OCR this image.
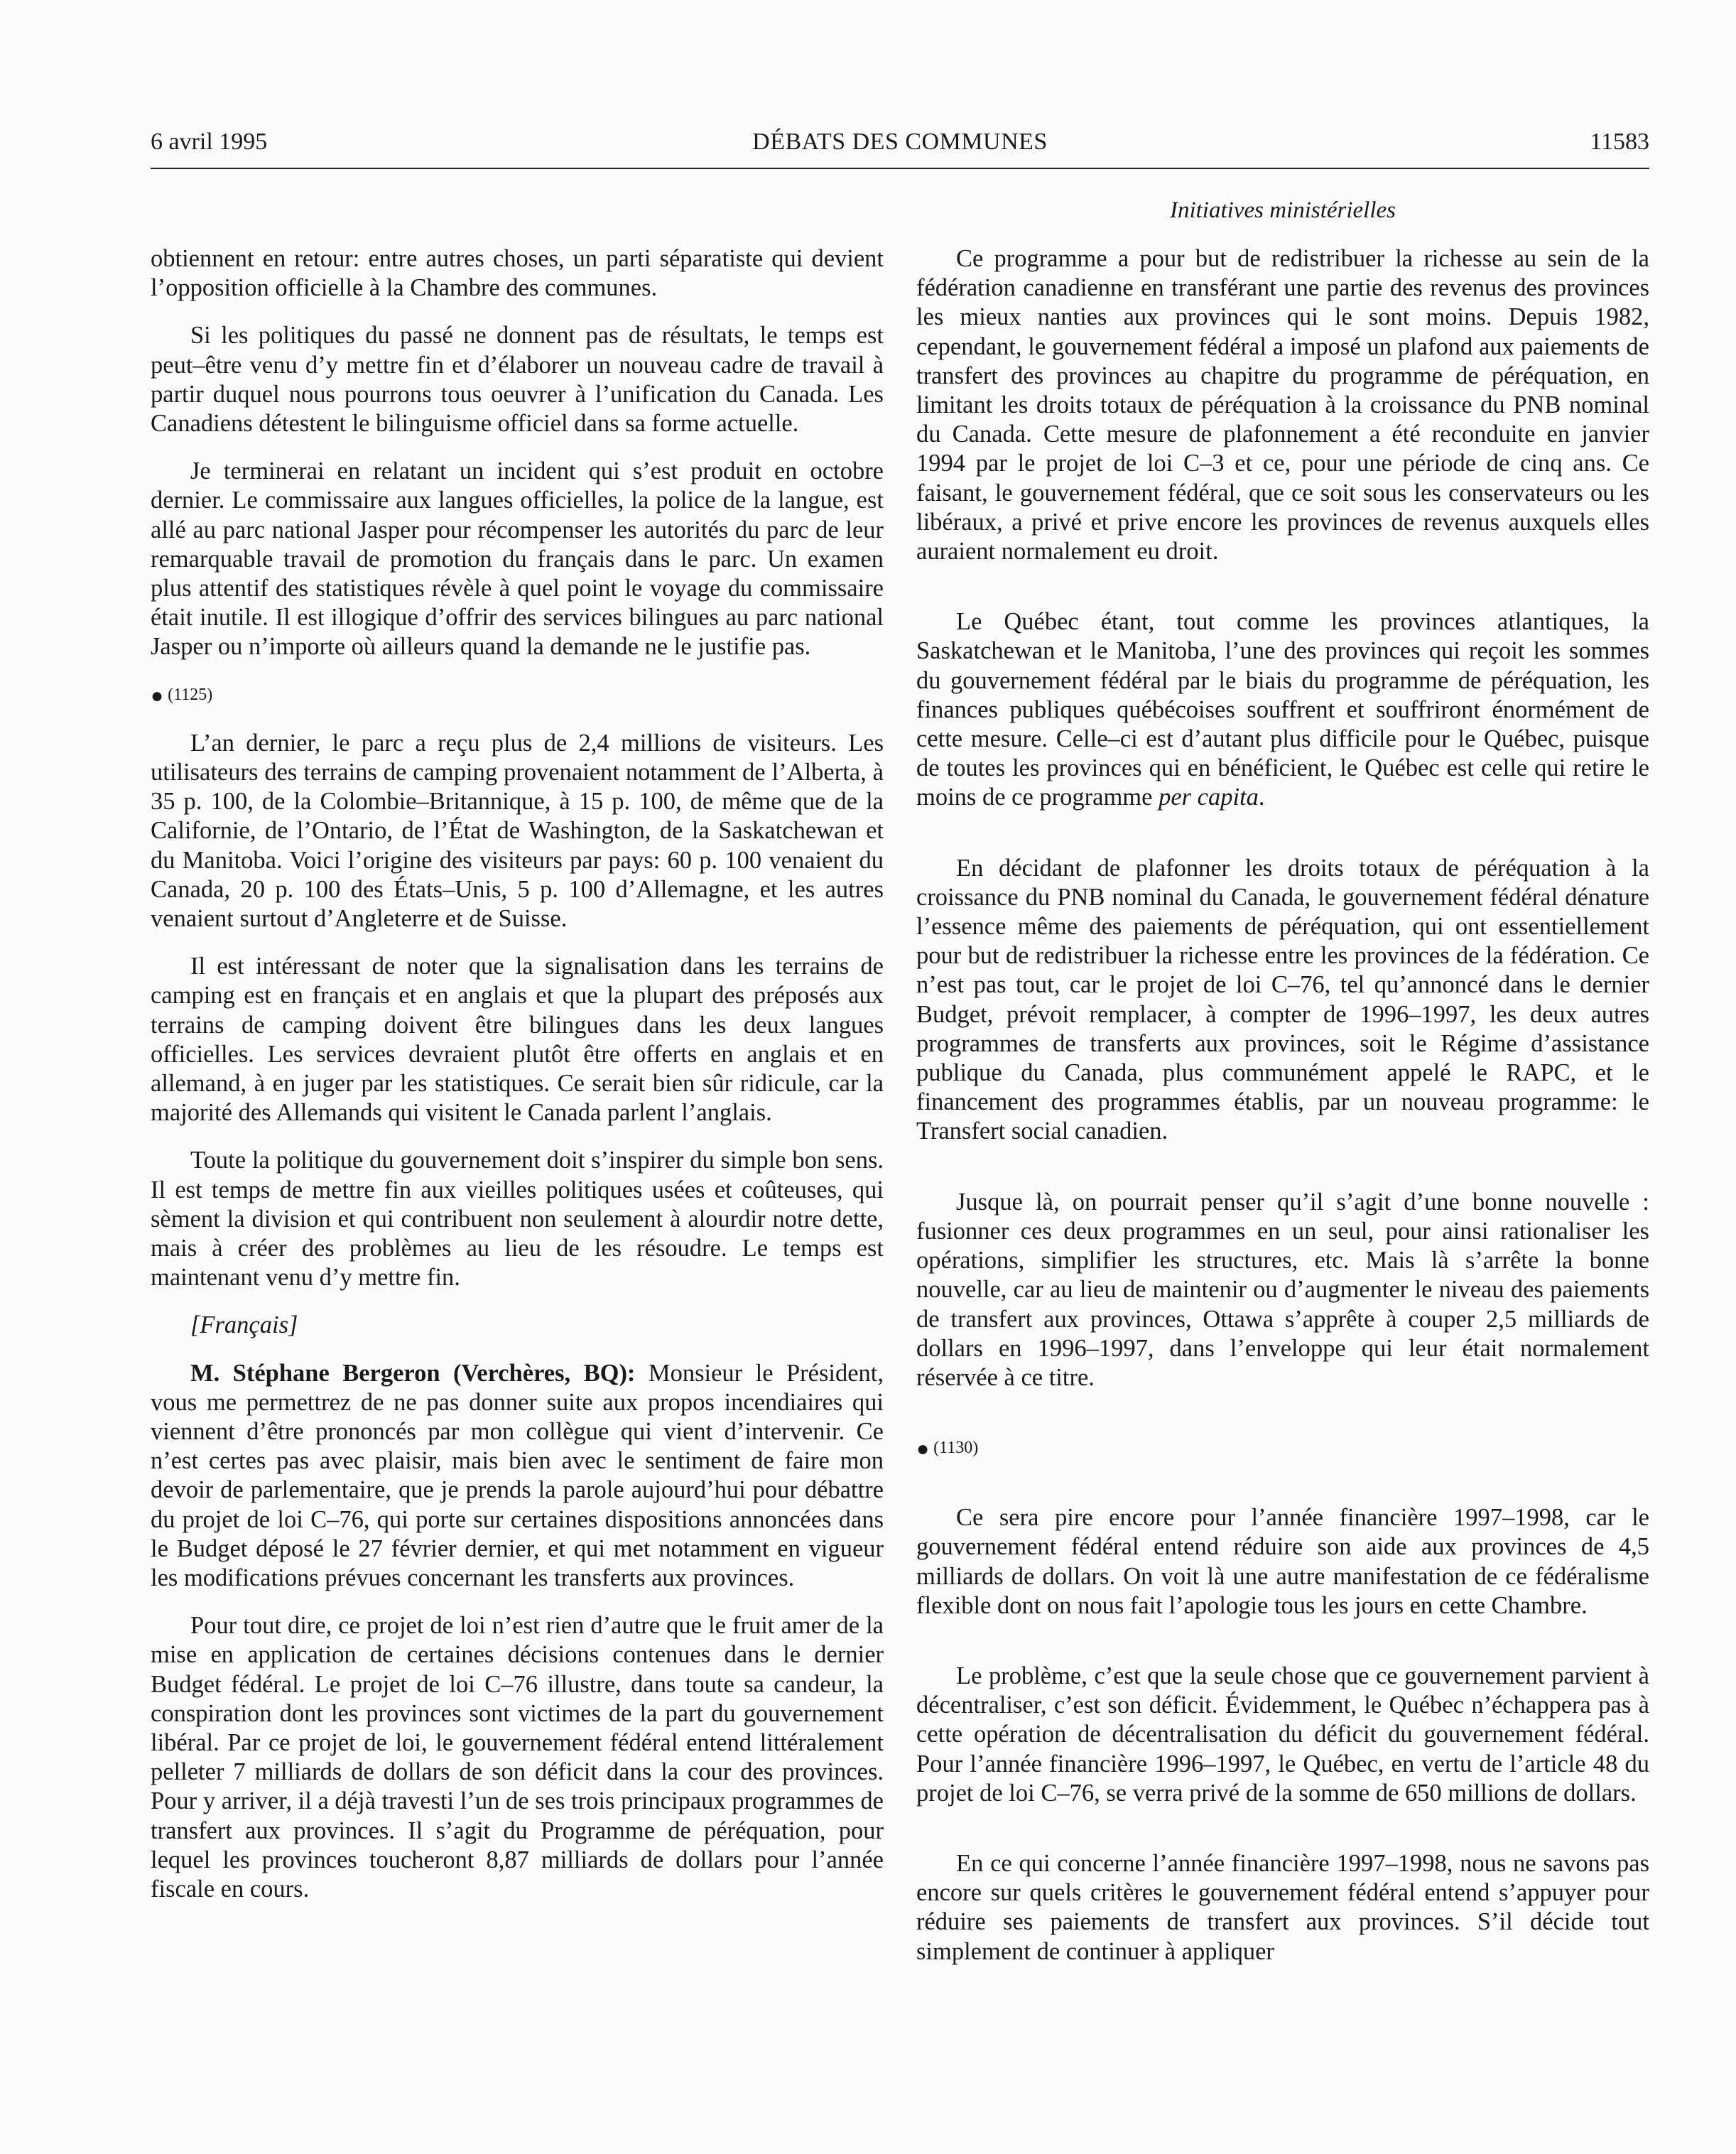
6 avril 1995	DÉBATS DES COMMUNES	11583
Initiatives ministérielles

obtiennent en retour: entre autres choses, un parti séparatiste qui devient l’opposition officielle à la Chambre des communes.

Si les politiques du passé ne donnent pas de résultats, le temps est peut–être venu d’y mettre fin et d’élaborer un nouveau cadre de travail à partir duquel nous pourrons tous oeuvrer à l’unification du Canada. Les Canadiens détestent le bilinguisme officiel dans sa forme actuelle.

Je terminerai en relatant un incident qui s’est produit en octobre dernier. Le commissaire aux langues officielles, la police de la langue, est allé au parc national Jasper pour récompenser les autorités du parc de leur remarquable travail de promotion du français dans le parc. Un examen plus attentif des statistiques révèle à quel point le voyage du commissaire était inutile. Il est illogique d’offrir des services bilingues au parc national Jasper ou n’importe où ailleurs quand la demande ne le justifie pas.

● (1125)

L’an dernier, le parc a reçu plus de 2,4 millions de visiteurs. Les utilisateurs des terrains de camping provenaient notamment de l’Alberta, à 35 p. 100, de la Colombie–Britannique, à 15 p. 100, de même que de la Californie, de l’Ontario, de l’État de Washington, de la Saskatchewan et du Manitoba. Voici l’origine des visiteurs par pays: 60 p. 100 venaient du Canada, 20 p. 100 des États–Unis, 5 p. 100 d’Allemagne, et les autres venaient surtout d’Angleterre et de Suisse.

Il est intéressant de noter que la signalisation dans les terrains de camping est en français et en anglais et que la plupart des préposés aux terrains de camping doivent être bilingues dans les deux langues officielles. Les services devraient plutôt être offerts en anglais et en allemand, à en juger par les statistiques. Ce serait bien sûr ridicule, car la majorité des Allemands qui visitent le Canada parlent l’anglais.

Toute la politique du gouvernement doit s’inspirer du simple bon sens. Il est temps de mettre fin aux vieilles politiques usées et coûteuses, qui sèment la division et qui contribuent non seulement à alourdir notre dette, mais à créer des problèmes au lieu de les résoudre. Le temps est maintenant venu d’y mettre fin.

[Français]

M. Stéphane Bergeron (Verchères, BQ): Monsieur le Président, vous me permettrez de ne pas donner suite aux propos incendiaires qui viennent d’être prononcés par mon collègue qui vient d’intervenir. Ce n’est certes pas avec plaisir, mais bien avec le sentiment de faire mon devoir de parlementaire, que je prends la parole aujourd’hui pour débattre du projet de loi C–76, qui porte sur certaines dispositions annoncées dans le Budget déposé le 27 février dernier, et qui met notamment en vigueur les modifications prévues concernant les transferts aux provinces.

Pour tout dire, ce projet de loi n’est rien d’autre que le fruit amer de la mise en application de certaines décisions contenues dans le dernier Budget fédéral. Le projet de loi C–76 illustre, dans toute sa candeur, la conspiration dont les provinces sont victimes de la part du gouvernement libéral. Par ce projet de loi, le gouvernement fédéral entend littéralement pelleter 7 milliards de dollars de son déficit dans la cour des provinces. Pour y arriver, il a déjà travesti l’un de ses trois principaux programmes de transfert aux provinces. Il s’agit du Programme de péréquation, pour lequel les provinces toucheront 8,87 milliards de dollars pour l’année fiscale en cours.

Ce programme a pour but de redistribuer la richesse au sein de la fédération canadienne en transférant une partie des revenus des provinces les mieux nanties aux provinces qui le sont moins. Depuis 1982, cependant, le gouvernement fédéral a imposé un plafond aux paiements de transfert des provinces au chapitre du programme de péréquation, en limitant les droits totaux de péréquation à la croissance du PNB nominal du Canada. Cette mesure de plafonnement a été reconduite en janvier 1994 par le projet de loi C–3 et ce, pour une période de cinq ans. Ce faisant, le gouvernement fédéral, que ce soit sous les conservateurs ou les libéraux, a privé et prive encore les provinces de revenus auxquels elles auraient normalement eu droit.

Le Québec étant, tout comme les provinces atlantiques, la Saskatchewan et le Manitoba, l’une des provinces qui reçoit les sommes du gouvernement fédéral par le biais du programme de péréquation, les finances publiques québécoises souffrent et souffriront énormément de cette mesure. Celle–ci est d’autant plus difficile pour le Québec, puisque de toutes les provinces qui en bénéficient, le Québec est celle qui retire le moins de ce programme per capita.

En décidant de plafonner les droits totaux de péréquation à la croissance du PNB nominal du Canada, le gouvernement fédéral dénature l’essence même des paiements de péréquation, qui ont essentiellement pour but de redistribuer la richesse entre les provinces de la fédération. Ce n’est pas tout, car le projet de loi C–76, tel qu’annoncé dans le dernier Budget, prévoit remplacer, à compter de 1996–1997, les deux autres programmes de transferts aux provinces, soit le Régime d’assistance publique du Canada, plus communément appelé le RAPC, et le financement des programmes établis, par un nouveau programme: le Transfert social canadien.

Jusque là, on pourrait penser qu’il s’agit d’une bonne nouvelle : fusionner ces deux programmes en un seul, pour ainsi rationaliser les opérations, simplifier les structures, etc. Mais là s’arrête la bonne nouvelle, car au lieu de maintenir ou d’augmenter le niveau des paiements de transfert aux provinces, Ottawa s’apprête à couper 2,5 milliards de dollars en 1996–1997, dans l’enveloppe qui leur était normalement réservée à ce titre.

● (1130)

Ce sera pire encore pour l’année financière 1997–1998, car le gouvernement fédéral entend réduire son aide aux provinces de 4,5 milliards de dollars. On voit là une autre manifestation de ce fédéralisme flexible dont on nous fait l’apologie tous les jours en cette Chambre.

Le problème, c’est que la seule chose que ce gouvernement parvient à décentraliser, c’est son déficit. Évidemment, le Québec n’échappera pas à cette opération de décentralisation du déficit du gouvernement fédéral. Pour l’année financière 1996–1997, le Québec, en vertu de l’article 48 du projet de loi C–76, se verra privé de la somme de 650 millions de dollars.

En ce qui concerne l’année financière 1997–1998, nous ne savons pas encore sur quels critères le gouvernement fédéral entend s’appuyer pour réduire ses paiements de transfert aux provinces. S’il décide tout simplement de continuer à appliquer
